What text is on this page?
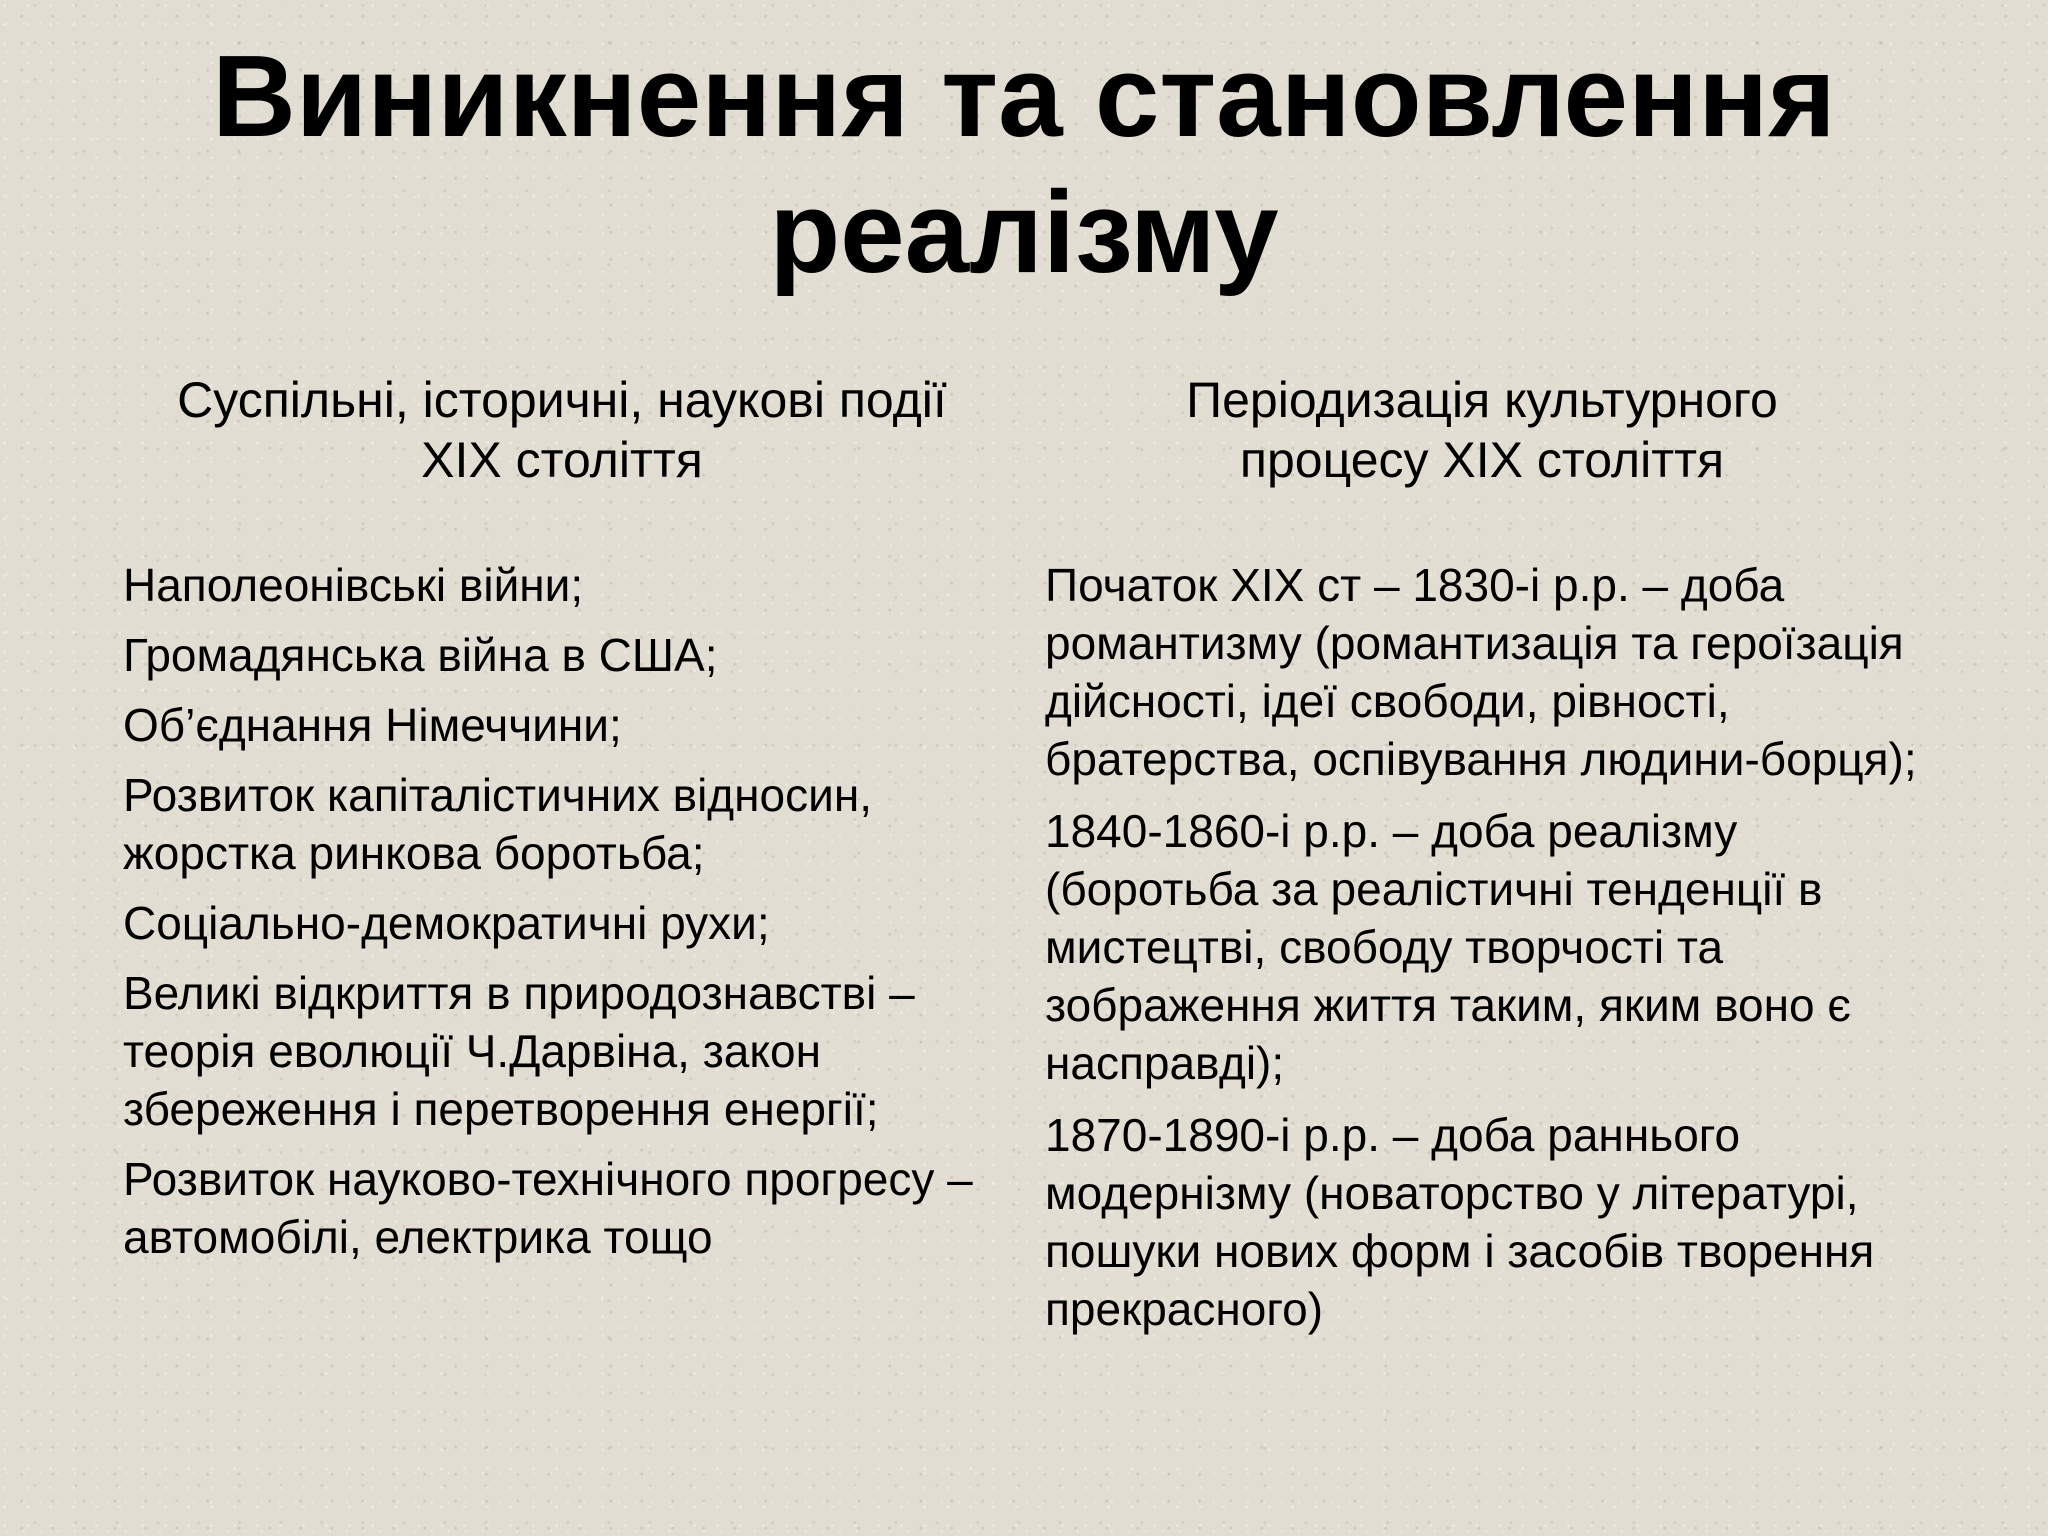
Виникнення та становлення
реалізму
Суспільні, історичні, наукові події
XIX століття
Періодизація культурного
процесу XIX століття
Наполеонівські війни;
Громадянська війна в США;
Об’єднання Німеччини;
Розвиток капіталістичних відносин, жорстка ринкова боротьба;
Соціально-демократичні рухи;
Великі відкриття в природознавстві – теорія еволюції Ч.Дарвіна, закон збереження і перетворення енергії;
Розвиток науково-технічного прогресу – автомобілі, електрика тощо
Початок XIX ст – 1830-і р.р. – доба романтизму (романтизація та героїзація дійсності, ідеї свободи, рівності, братерства, оспівування людини-борця);
1840-1860-і р.р. – доба реалізму (боротьба за реалістичні тенденції в мистецтві, свободу творчості та зображення життя таким, яким воно є насправді);
1870-1890-і р.р. – доба раннього модернізму (новаторство у літературі, пошуки нових форм і засобів творення прекрасного)
